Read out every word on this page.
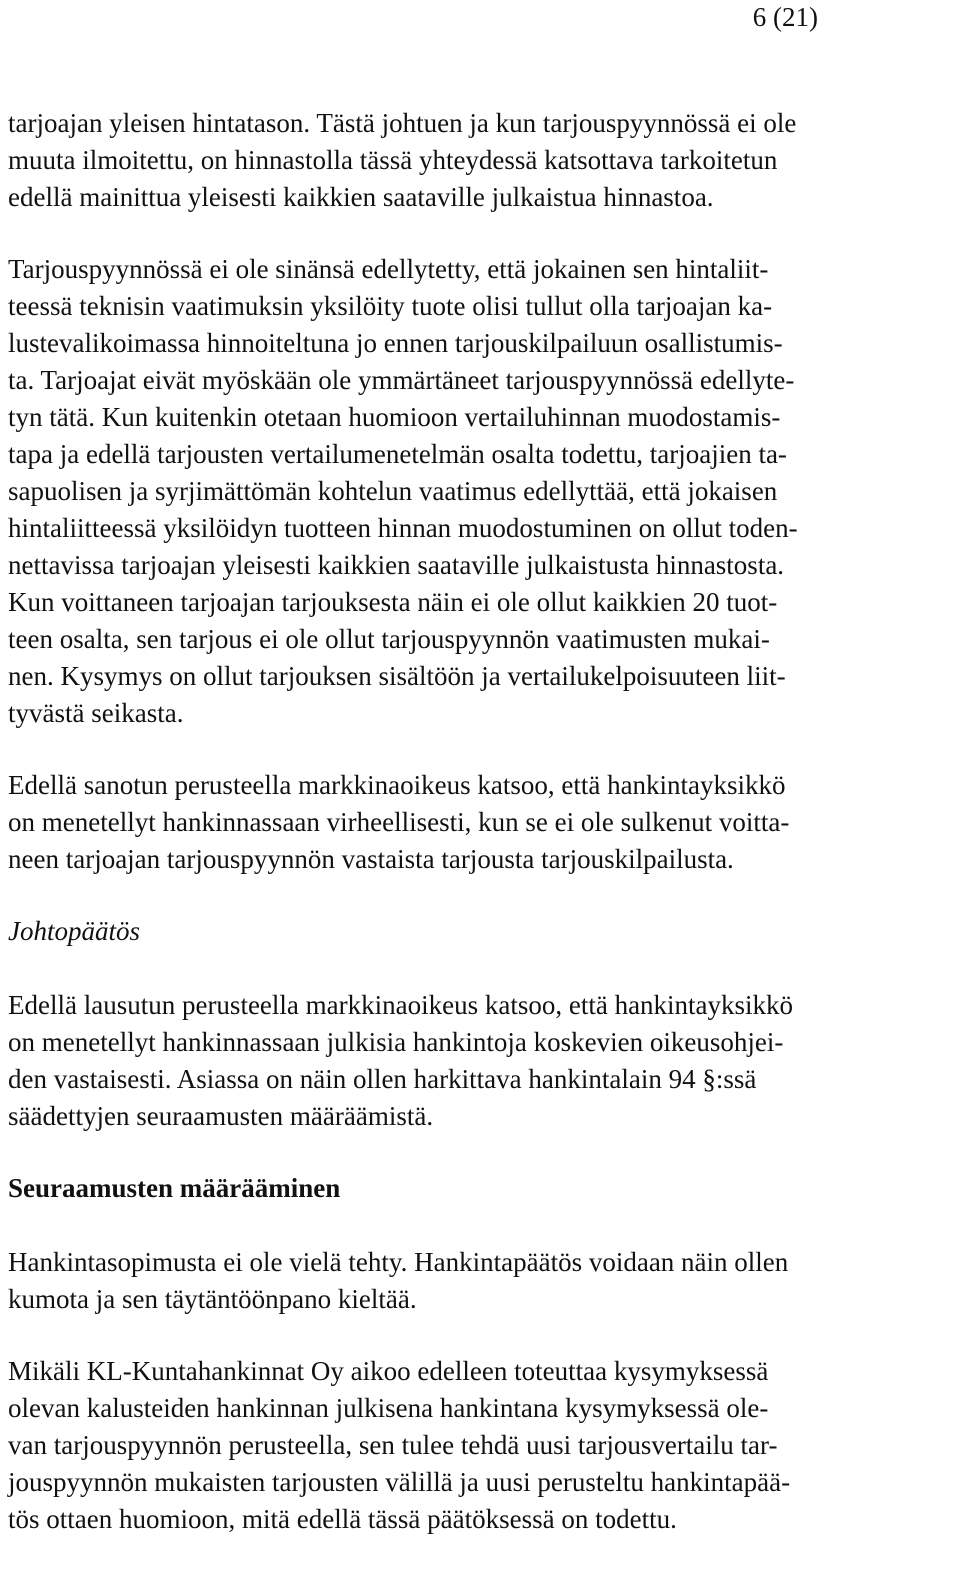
6 (21)

tarjoajan yleisen hintatason. Tästä johtuen ja kun tarjouspyynnössä ei ole
muuta ilmoitettu, on hinnastolla tässä yhteydessä katsottava tarkoitetun
edellä mainittua yleisesti kaikkien saataville julkaistua hinnastoa.

Tarjouspyynnössä ei ole sinänsä edellytetty, että jokainen sen hintaliit-
teessä teknisin vaatimuksin yksilöity tuote olisi tullut olla tarjoajan ka-
lustevalikoimassa hinnoiteltuna jo ennen tarjouskilpailuun osallistumis-
ta. Tarjoajat eivät myöskään ole ymmärtäneet tarjouspyynnössä edellyte-
tyn tätä. Kun kuitenkin otetaan huomioon vertailuhinnan muodostamis-
tapa ja edellä tarjousten vertailumenetelmän osalta todettu, tarjoajien ta-
sapuolisen ja syrjimättömän kohtelun vaatimus edellyttää, että jokaisen
hintaliitteessä yksilöidyn tuotteen hinnan muodostuminen on ollut toden-
nettavissa tarjoajan yleisesti kaikkien saataville julkaistusta hinnastosta.
Kun voittaneen tarjoajan tarjouksesta näin ei ole ollut kaikkien 20 tuot-
teen osalta, sen tarjous ei ole ollut tarjouspyynnön vaatimusten mukai-
nen. Kysymys on ollut tarjouksen sisältöön ja vertailukelpoisuuteen liit-
tyvästä seikasta.

Edellä sanotun perusteella markkinaoikeus katsoo, että hankintayksikkö
on menetellyt hankinnassaan virheellisesti, kun se ei ole sulkenut voitta-
neen tarjoajan tarjouspyynnön vastaista tarjousta tarjouskilpailusta.

Johtopäätös

Edellä lausutun perusteella markkinaoikeus katsoo, että hankintayksikkö
on menetellyt hankinnassaan julkisia hankintoja koskevien oikeusohjei-
den vastaisesti. Asiassa on näin ollen harkittava hankintalain 94 §:ssä
säädettyjen seuraamusten määräämistä.

Seuraamusten määrääminen

Hankintasopimusta ei ole vielä tehty. Hankintapäätös voidaan näin ollen
kumota ja sen täytäntöönpano kieltää.

Mikäli KL-Kuntahankinnat Oy aikoo edelleen toteuttaa kysymyksessä
olevan kalusteiden hankinnan julkisena hankintana kysymyksessä ole-
van tarjouspyynnön perusteella, sen tulee tehdä uusi tarjousvertailu tar-
jouspyynnön mukaisten tarjousten välillä ja uusi perusteltu hankintapää-
tös ottaen huomioon, mitä edellä tässä päätöksessä on todettu.
